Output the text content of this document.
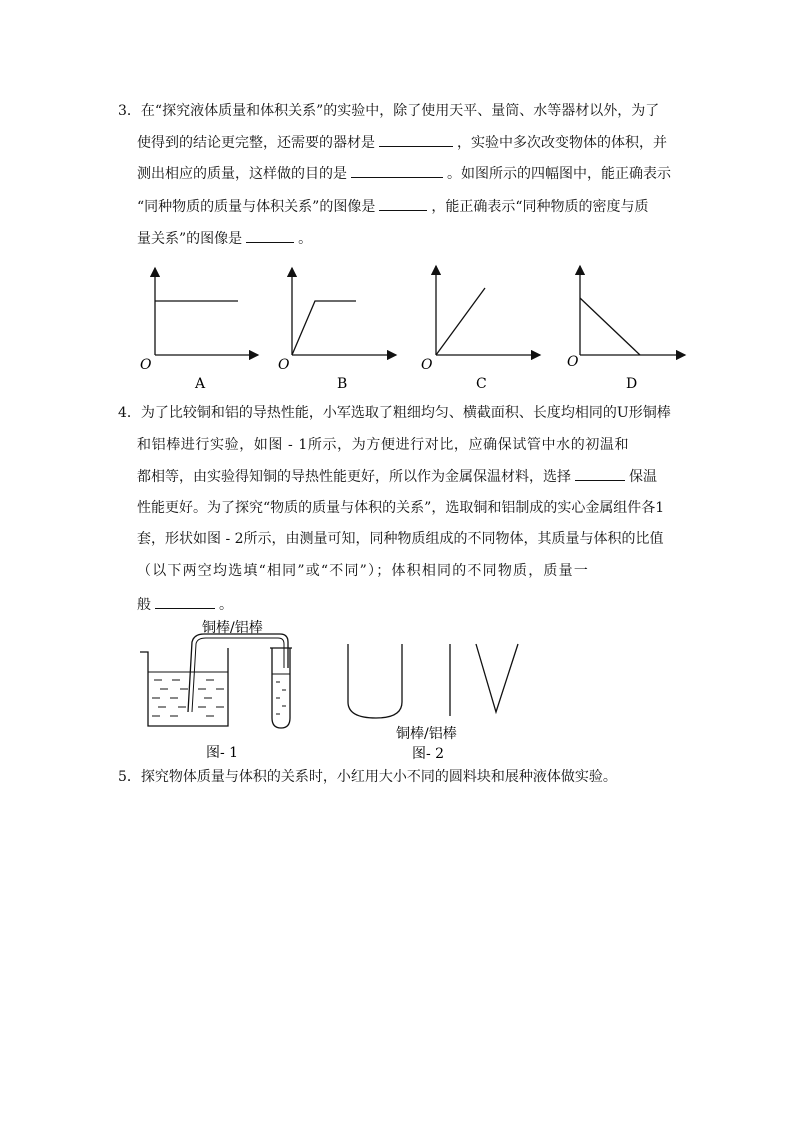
3．在“探究液体质量和体积关系”的实验中，除了使用天平、量筒、水等器材以外，为了
使得到的结论更完整，还需要的器材是	，实验中多次改变物体的体积，并
测出相应的质量，这样做的目的是	。如图所示的四幅图中，能正确表示
“同种物质的质量与体积关系”的图像是	，能正确表示“同种物质的密度与质
量关系”的图像是	。
O
A
O
B
O
C
O
D
4．为了比较铜和铝的导热性能，小军选取了粗细均匀、横截面积、长度均相同的U形铜棒
和铝棒进行实验，如图 - 1所示，为方便进行对比，应确保试管中水的初温和
都相等，由实验得知铜的导热性能更好，所以作为金属保温材料，选择	保温
性能更好。为了探究“物质的质量与体积的关系”，选取铜和铝制成的实心金属组件各1
套，形状如图 - 2所示，由测量可知，同种物质组成的不同物体，其质量与体积的比值
（以下两空均选填“相同”或“不同”）；体积相同的不同物质，质量一
般	。
铜棒/铝棒
图- 1
铜棒/铝棒
图- 2
5．探究物体质量与体积的关系时，小红用大小不同的圆料块和展种液体做实验。
